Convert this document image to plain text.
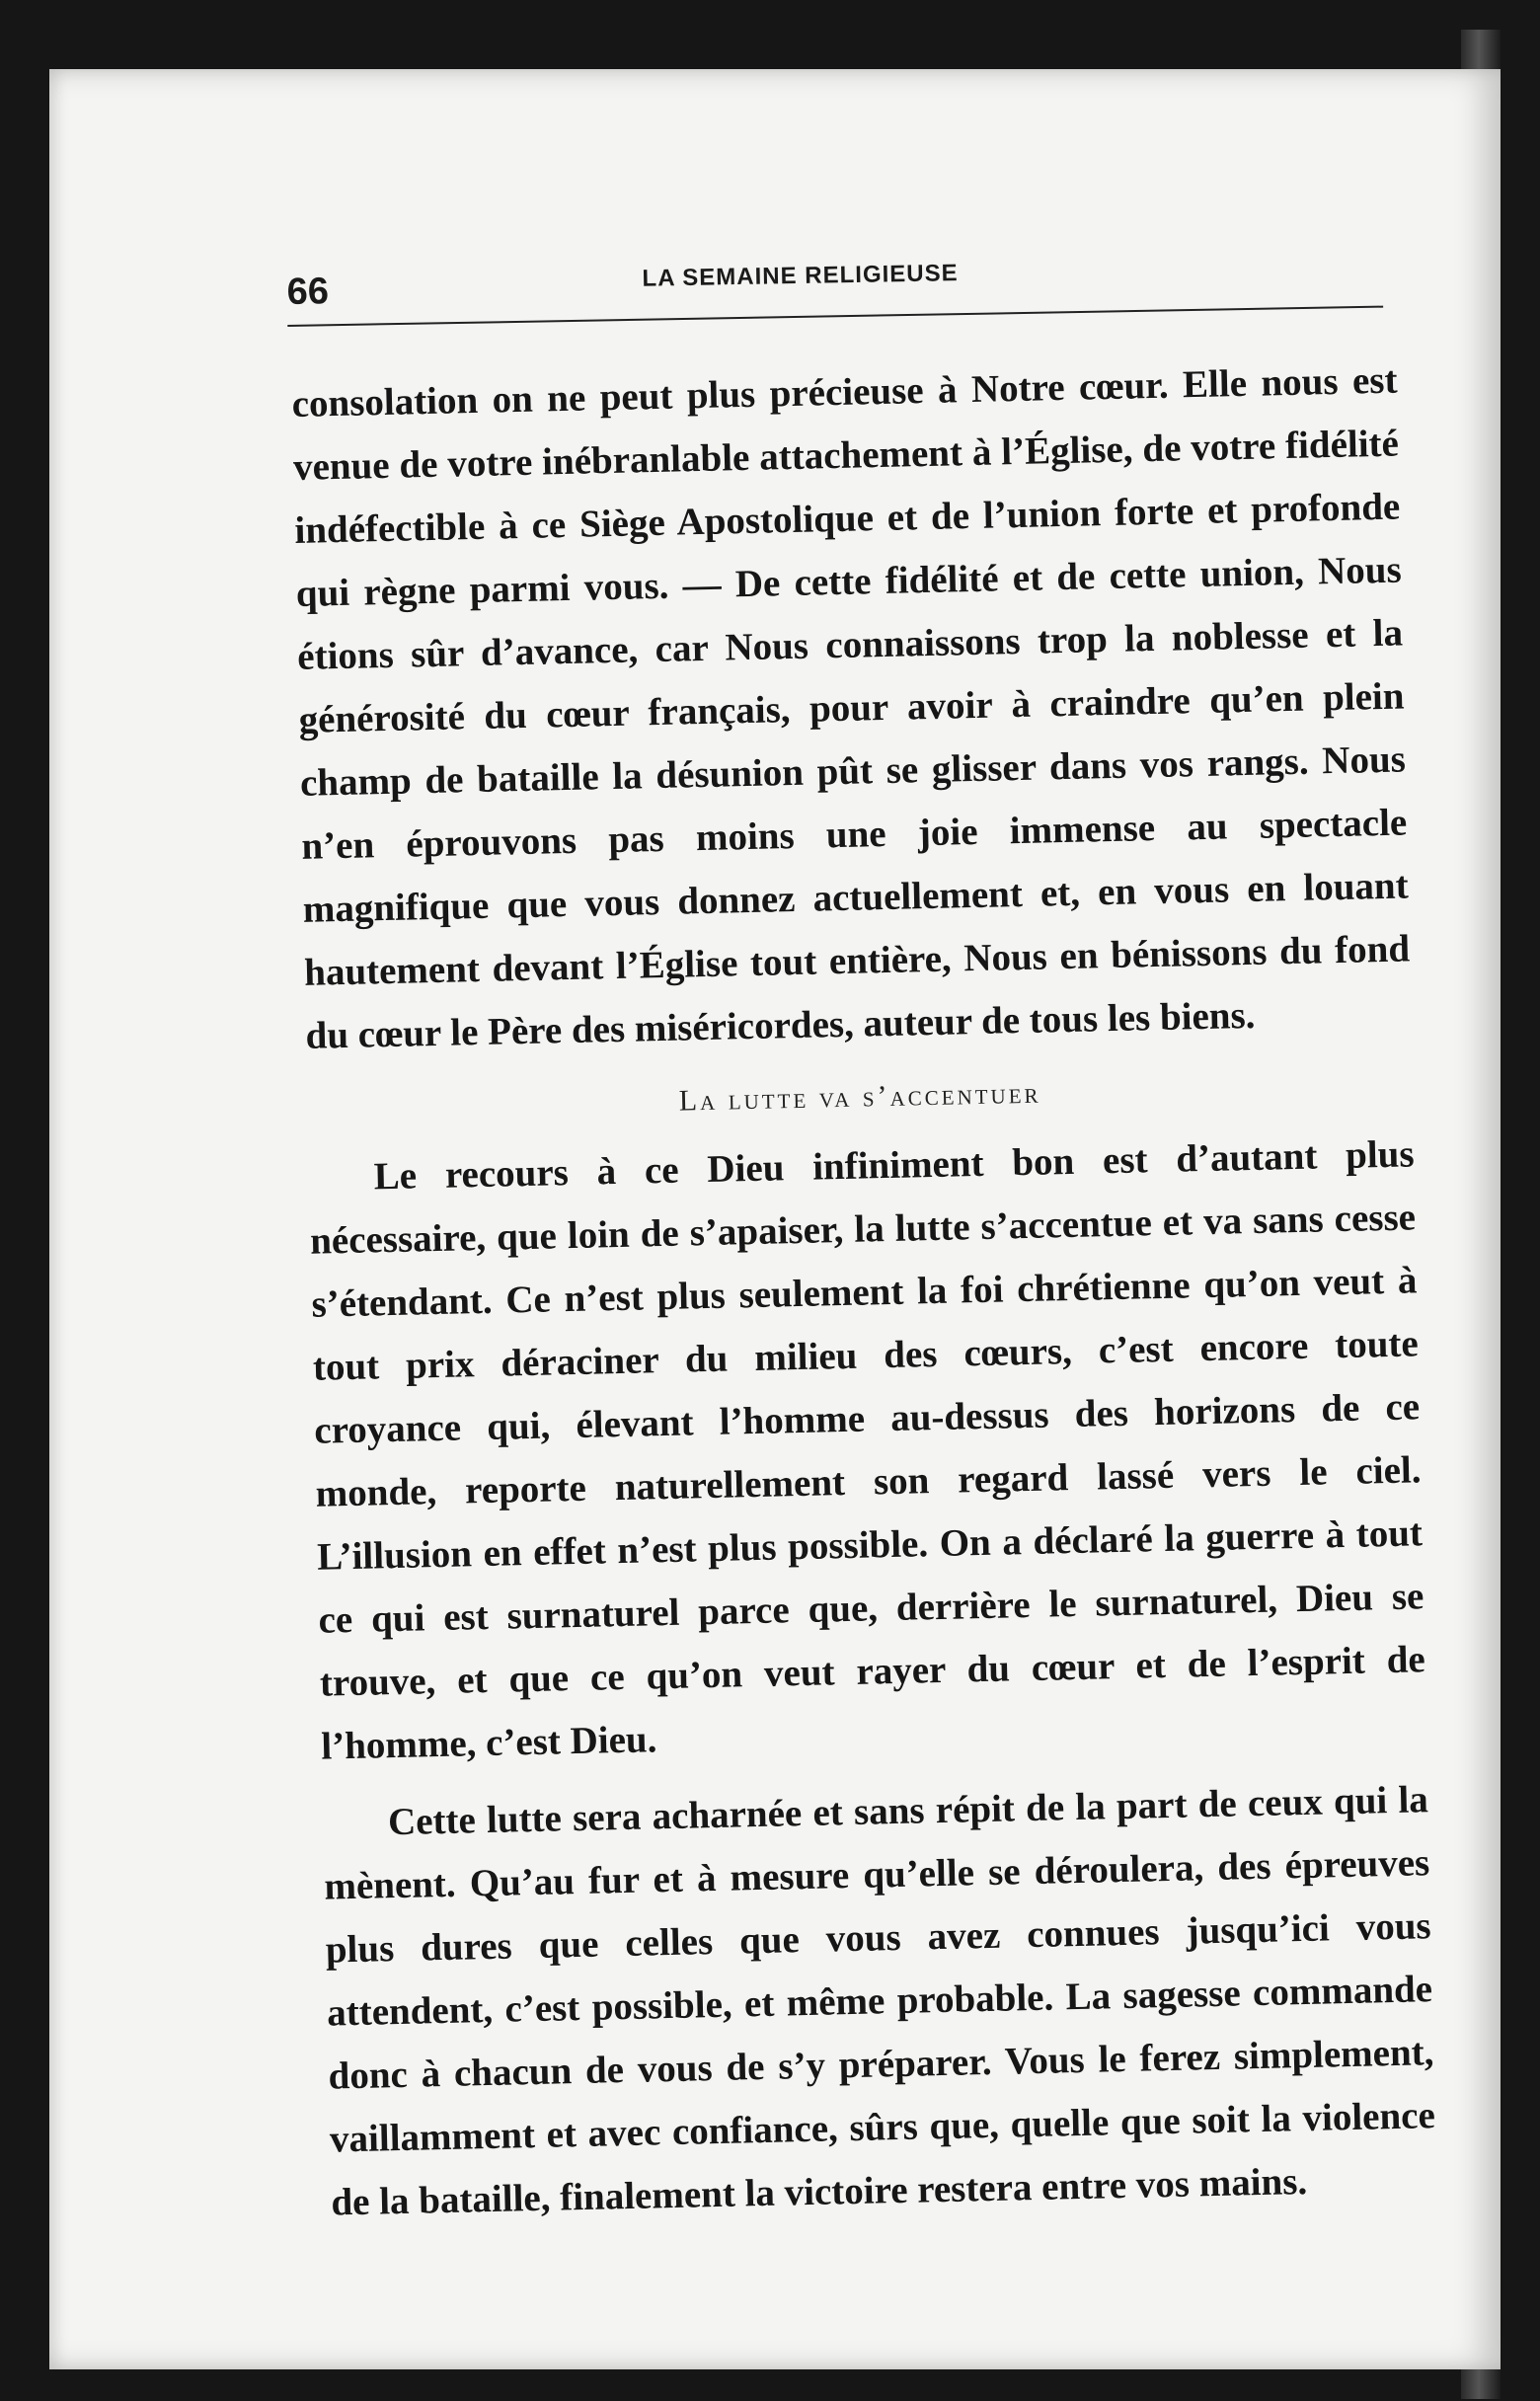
66	LA SEMAINE RELIGIEUSE

consolation on ne peut plus précieuse à Notre cœur. Elle nous est venue de votre inébranlable attachement à l’Église, de votre fidélité indéfectible à ce Siège Apostolique et de l’union forte et profonde qui règne parmi vous. — De cette fidélité et de cette union, Nous étions sûr d’avance, car Nous connaissons trop la noblesse et la générosité du cœur français, pour avoir à craindre qu’en plein champ de bataille la désunion pût se glisser dans vos rangs. Nous n’en éprouvons pas moins une joie immense au spectacle magnifique que vous donnez actuellement et, en vous en louant hautement devant l’Église tout entière, Nous en bénissons du fond du cœur le Père des miséricordes, auteur de tous les biens.

La lutte va s’accentuer

Le recours à ce Dieu infiniment bon est d’autant plus nécessaire, que loin de s’apaiser, la lutte s’accentue et va sans cesse s’étendant. Ce n’est plus seulement la foi chrétienne qu’on veut à tout prix déraciner du milieu des cœurs, c’est encore toute croyance qui, élevant l’homme au-dessus des horizons de ce monde, reporte naturellement son regard lassé vers le ciel. L’illusion en effet n’est plus possible. On a déclaré la guerre à tout ce qui est surnaturel parce que, derrière le surnaturel, Dieu se trouve, et que ce qu’on veut rayer du cœur et de l’esprit de l’homme, c’est Dieu.

Cette lutte sera acharnée et sans répit de la part de ceux qui la mènent. Qu’au fur et à mesure qu’elle se déroulera, des épreuves plus dures que celles que vous avez connues jusqu’ici vous attendent, c’est possible, et même probable. La sagesse commande donc à chacun de vous de s’y préparer. Vous le ferez simplement, vaillamment et avec confiance, sûrs que, quelle que soit la violence de la bataille, finalement la victoire restera entre vos mains.
